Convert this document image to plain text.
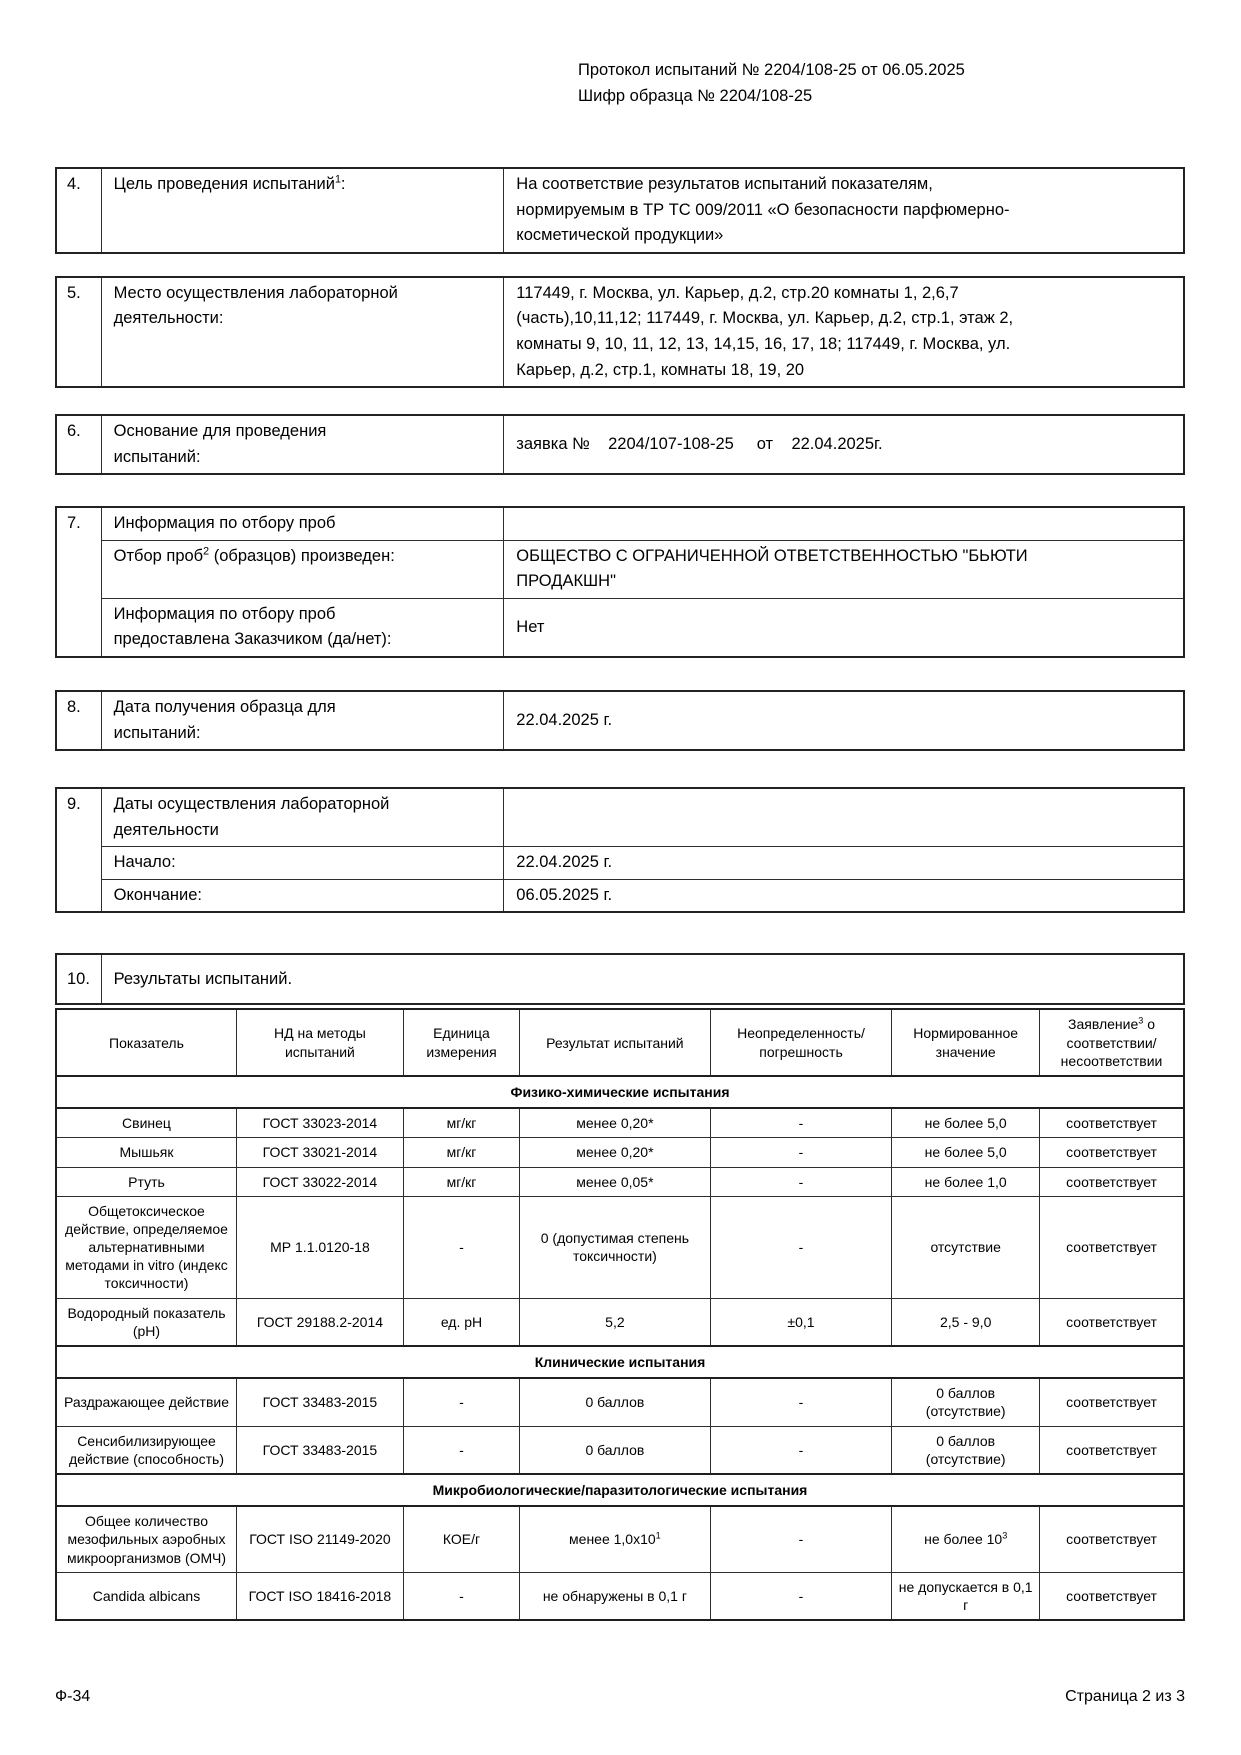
Протокол испытаний № 2204/108-25 от 06.05.2025
Шифр образца № 2204/108-25
4.	Цель проведения испытаний$^1$:	На соответствие результатов испытаний показателям, нормируемым в ТР ТС 009/2011 «О безопасности парфюмерно-косметической продукции»
5.	Место осуществления лабораторной деятельности:	117449, г. Москва, ул. Карьер, д.2, стр.20 комнаты 1, 2,6,7 (часть),10,11,12; 117449, г. Москва, ул. Карьер, д.2, стр.1, этаж 2, комнаты 9, 10, 11, 12, 13, 14,15, 16, 17, 18; 117449, г. Москва, ул. Карьер, д.2, стр.1, комнаты 18, 19, 20
6.	Основание для проведения испытаний:	заявка №    2204/107-108-25     от    22.04.2025г.
7.	Информация по отбору проб	
	Отбор проб$^2$ (образцов) произведен:	ОБЩЕСТВО С ОГРАНИЧЕННОЙ ОТВЕТСТВЕННОСТЬЮ "БЬЮТИ ПРОДАКШН"
	Информация по отбору проб предоставлена Заказчиком (да/нет):	Нет
8.	Дата получения образца для испытаний:	22.04.2025 г.
9.	Даты осуществления лабораторной деятельности	
	Начало:	22.04.2025 г.
	Окончание:	06.05.2025 г.
10.	Результаты испытаний.
Показатель	НД на методы испытаний	Единица измерения	Результат испытаний	Неопределенность/ погрешность	Нормированное значение	Заявление$^3$ о соответствии/ несоответствии
Физико-химические испытания						
Свинец	ГОСТ 33023-2014	мг/кг	менее 0,20*	-	не более 5,0	соответствует
Мышьяк	ГОСТ 33021-2014	мг/кг	менее 0,20*	-	не более 5,0	соответствует
Ртуть	ГОСТ 33022-2014	мг/кг	менее 0,05*	-	не более 1,0	соответствует
Общетоксическое действие, определяемое альтернативными методами in vitro (индекс токсичности)	МР 1.1.0120-18	-	0 (допустимая степень токсичности)	-	отсутствие	соответствует
Водородный показатель (рН)	ГОСТ 29188.2-2014	ед. рН	5,2	±0,1	2,5 - 9,0	соответствует
Клинические испытания						
Раздражающее действие	ГОСТ 33483-2015	-	0 баллов	-	0 баллов (отсутствие)	соответствует
Сенсибилизирующее действие (способность)	ГОСТ 33483-2015	-	0 баллов	-	0 баллов (отсутствие)	соответствует
Микробиологические/паразитологические испытания						
Общее количество мезофильных аэробных микроорганизмов (ОМЧ)	ГОСТ ISO 21149-2020	КОЕ/г	менее $1,0x10^1$	-	не более $10^3$	соответствует
Candida albicans	ГОСТ ISO 18416-2018	-	не обнаружены в 0,1 г	-	не допускается в 0,1 г	соответствует
Ф-34	Страница 2 из 3
